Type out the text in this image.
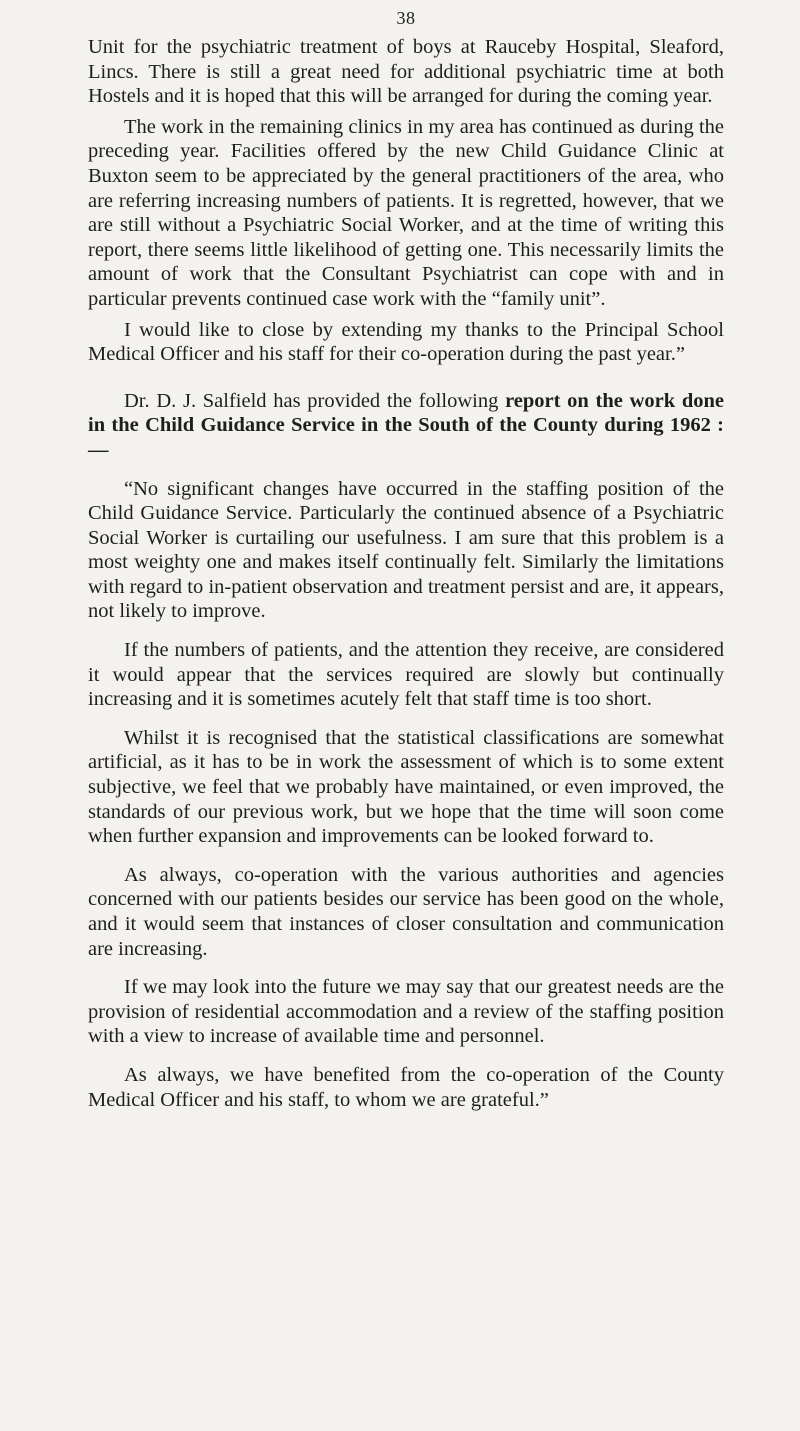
38

Unit for the psychiatric treatment of boys at Rauceby Hospital, Sleaford, Lincs. There is still a great need for additional psychiatric time at both Hostels and it is hoped that this will be arranged for during the coming year.

The work in the remaining clinics in my area has continued as during the preceding year. Facilities offered by the new Child Guidance Clinic at Buxton seem to be appreciated by the general practitioners of the area, who are referring increasing numbers of patients. It is regretted, however, that we are still without a Psychiatric Social Worker, and at the time of writing this report, there seems little likelihood of getting one. This necessarily limits the amount of work that the Consultant Psychiatrist can cope with and in particular prevents continued case work with the “family unit”.

I would like to close by extending my thanks to the Principal School Medical Officer and his staff for their co-operation during the past year.”

Dr. D. J. Salfield has provided the following report on the work done in the Child Guidance Service in the South of the County during 1962 :—

“No significant changes have occurred in the staffing position of the Child Guidance Service. Particularly the continued absence of a Psychiatric Social Worker is curtailing our usefulness. I am sure that this problem is a most weighty one and makes itself continually felt. Similarly the limitations with regard to in-patient observation and treatment persist and are, it appears, not likely to improve.

If the numbers of patients, and the attention they receive, are considered it would appear that the services required are slowly but continually increasing and it is sometimes acutely felt that staff time is too short.

Whilst it is recognised that the statistical classifications are somewhat artificial, as it has to be in work the assessment of which is to some extent subjective, we feel that we probably have maintained, or even improved, the standards of our previous work, but we hope that the time will soon come when further expansion and improvements can be looked forward to.

As always, co-operation with the various authorities and agencies concerned with our patients besides our service has been good on the whole, and it would seem that instances of closer consultation and communication are increasing.

If we may look into the future we may say that our greatest needs are the provision of residential accommodation and a review of the staffing position with a view to increase of available time and personnel.

As always, we have benefited from the co-operation of the County Medical Officer and his staff, to whom we are grateful.”
